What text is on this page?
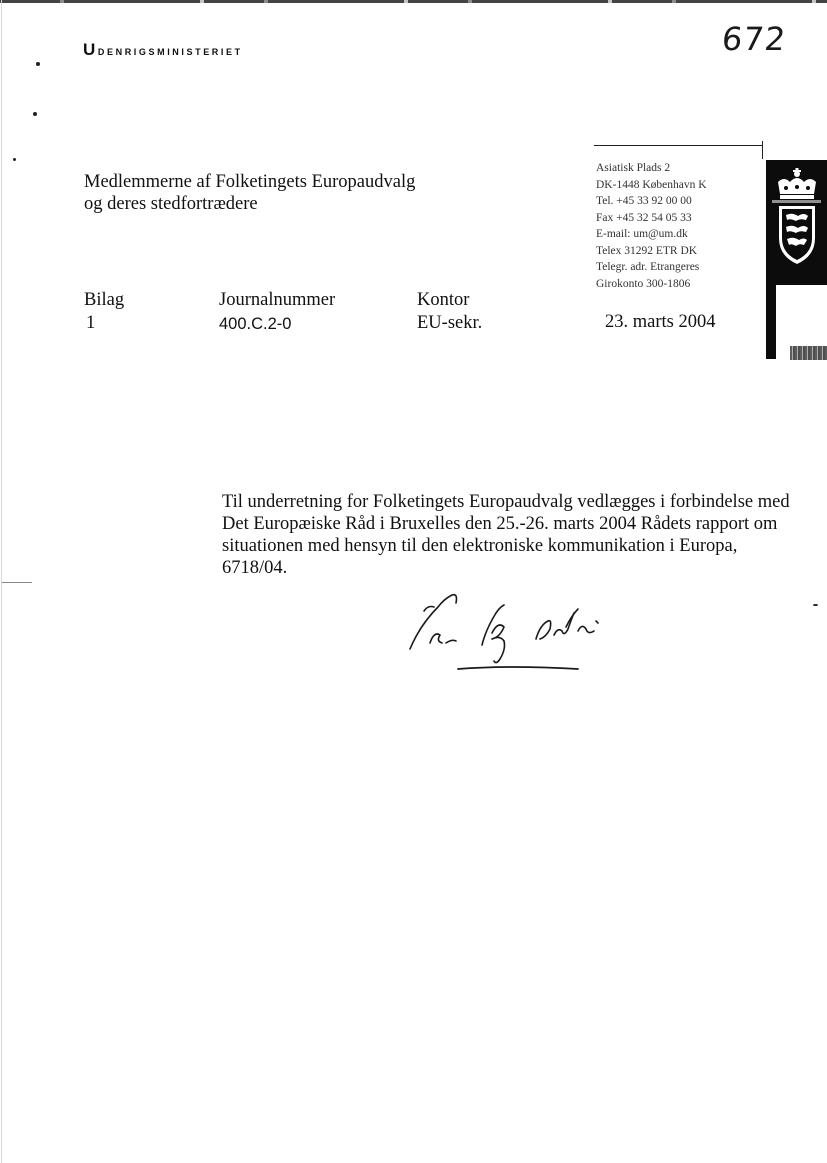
Udenrigsministeriet	672
Medlemmerne af Folketingets Europaudvalg
og deres stedfortrædere
Asiatisk Plads 2
DK-1448 København K
Tel. +45 33 92 00 00
Fax +45 32 54 05 33
E-mail: um@um.dk
Telex 31292 ETR DK
Telegr. adr. Etrangeres
Girokonto 300-1806
Bilag
1
Journalnummer
400.C.2-0
Kontor
EU-sekr.	23. marts 2004
Til underretning for Folketingets Europaudvalg vedlægges i forbindelse med
Det Europæiske Råd i Bruxelles den 25.-26. marts 2004 Rådets rapport om
situationen med hensyn til den elektroniske kommunikation i Europa,
6718/04.
